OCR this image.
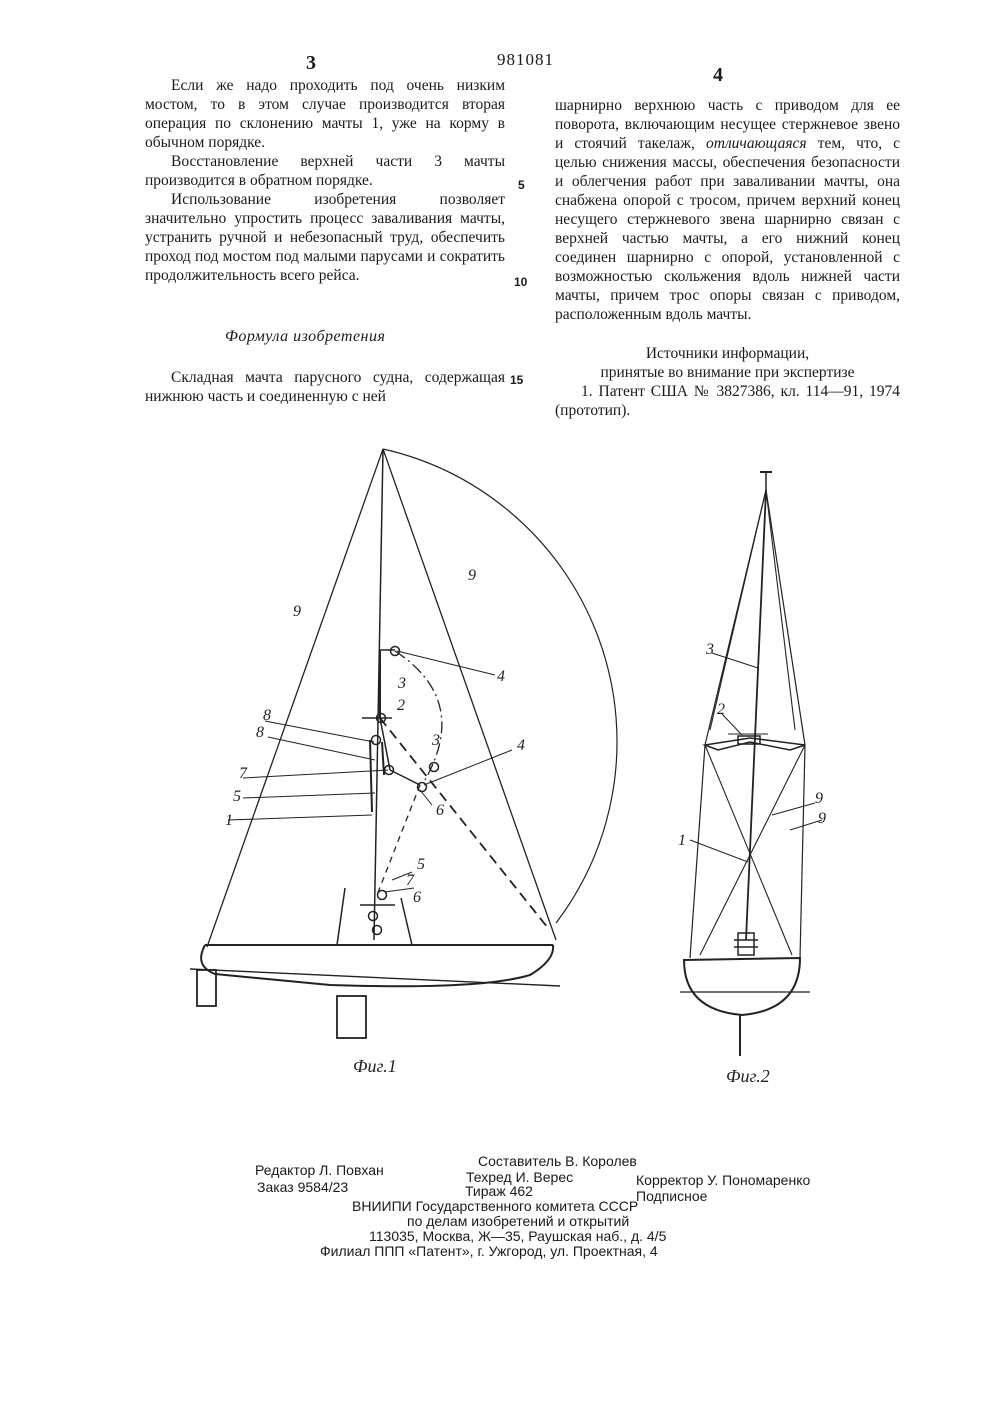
3	981081
4

Если же надо проходить под очень низким мостом, то в этом случае производится вторая операция по склонению мачты 1, уже на корму в обычном порядке.

Восстановление верхней части 3 мачты производится в обратном порядке.

Использование изобретения позволяет значительно упростить процесс заваливания мачты, устранить ручной и небезопасный труд, обеспечить проход под мостом под малыми парусами и сократить продолжительность всего рейса.

Формула изобретения

Складная мачта парусного судна, содержащая нижнюю часть и соединенную с ней

5
10
15

шарнирно верхнюю часть с приводом для ее поворота, включающим несущее стержневое звено и стоячий такелаж, отличающаяся тем, что, с целью снижения массы, обеспечения безопасности и облегчения работ при заваливании мачты, она снабжена опорой с тросом, причем верхний конец несущего стержневого звена шарнирно связан с верхней частью мачты, а его нижний конец соединен шарнирно с опорой, установленной с возможностью скольжения вдоль нижней части мачты, причем трос опоры связан с приводом, расположенным вдоль мачты.

Источники информации,
принятые во внимание при экспертизе

1. Патент США № 3827386, кл. 114—91, 1974 (прототип).

9
9
4
3
2
3
8
8
7
5
1
6
4
5
7
6
Фиг.1
3
2
9
9
1
Фиг.2
Составитель В. Королев
Редактор Л. Повхан	Техред И. Верес	Корректор У. Пономаренко
Заказ 9584/23	Тираж 462	Подписное
ВНИИПИ Государственного комитета СССР
по делам изобретений и открытий
113035, Москва, Ж—35, Раушская наб., д. 4/5
Филиал ППП «Патент», г. Ужгород, ул. Проектная, 4
